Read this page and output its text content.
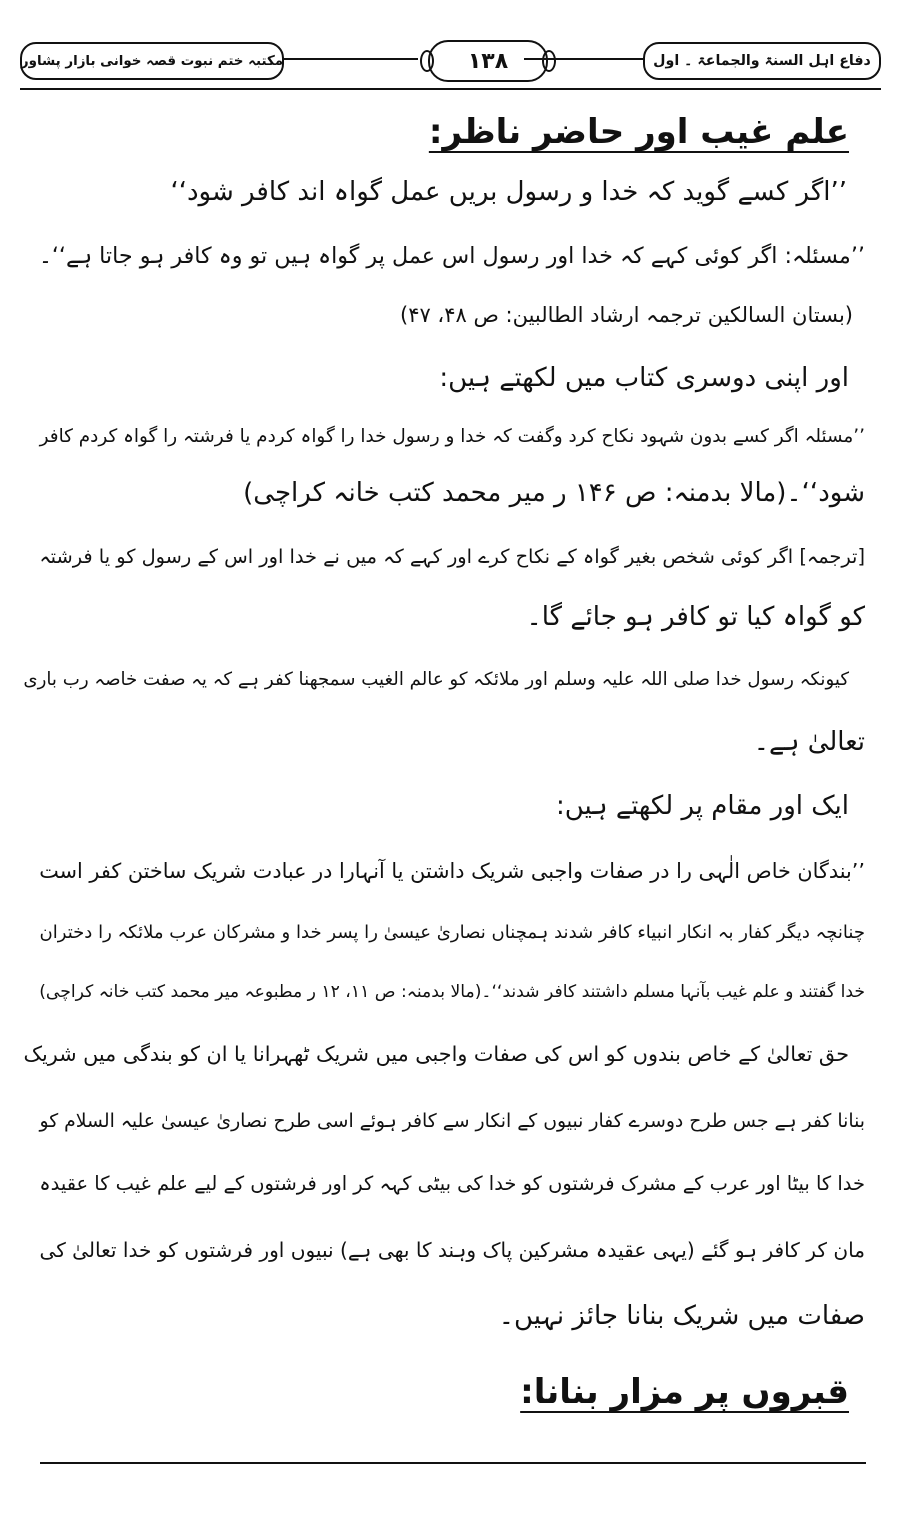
مکتبہ ختم نبوت قصہ خوانی بازار پشاور	۱۳۸	دفاع اہل السنۃ والجماعۃ ۔ اول
علم غیب اور حاضر ناظر:
’’اگر کسے گوید کہ خدا و رسول بریں عمل گواہ اند کافر شود‘‘
’’مسئلہ: اگر کوئی کہے کہ خدا اور رسول اس عمل پر گواہ ہیں تو وہ کافر ہو جاتا ہے‘‘۔
(بستان السالکین ترجمہ ارشاد الطالبین: ص ۴۸، ۴۷)
اور اپنی دوسری کتاب میں لکھتے ہیں:
’’مسئلہ اگر کسے بدون شہود نکاح کرد وگفت کہ خدا و رسول خدا را گواہ کردم یا فرشتہ را گواہ کردم کافر
شود‘‘۔(مالا بدمنہ: ص ۱۴۶ ر میر محمد کتب خانہ کراچی)
[ترجمہ] اگر کوئی شخص بغیر گواہ کے نکاح کرے اور کہے کہ میں نے خدا اور اس کے رسول کو یا فرشتہ
کو گواہ کیا تو کافر ہو جائے گا۔
کیونکہ رسول خدا صلی اللہ علیہ وسلم اور ملائکہ کو عالم الغیب سمجھنا کفر ہے کہ یہ صفت خاصہ رب باری
تعالیٰ ہے۔
ایک اور مقام پر لکھتے ہیں:
’’بندگان خاص الٰہی را در صفات واجبی شریک داشتن یا آنہارا در عبادت شریک ساختن کفر است
چنانچہ دیگر کفار بہ انکار انبیاء کافر شدند ہمچناں نصاریٰ عیسیٰ را پسر خدا و مشرکان عرب ملائکہ را دختران
خدا گفتند و علم غیب بآنہا مسلم داشتند کافر شدند‘‘۔(مالا بدمنہ: ص ۱۱، ۱۲ ر مطبوعہ میر محمد کتب خانہ کراچی)
حق تعالیٰ کے خاص بندوں کو اس کی صفات واجبی میں شریک ٹھہرانا یا ان کو بندگی میں شریک
بنانا کفر ہے جس طرح دوسرے کفار نبیوں کے انکار سے کافر ہوئے اسی طرح نصاریٰ عیسیٰ علیہ السلام کو
خدا کا بیٹا اور عرب کے مشرک فرشتوں کو خدا کی بیٹی کہہ کر اور فرشتوں کے لیے علم غیب کا عقیدہ
مان کر کافر ہو گئے (یہی عقیدہ مشرکین پاک وہند کا بھی ہے) نبیوں اور فرشتوں کو خدا تعالیٰ کی
صفات میں شریک بنانا جائز نہیں۔
قبروں پر مزار بنانا:
